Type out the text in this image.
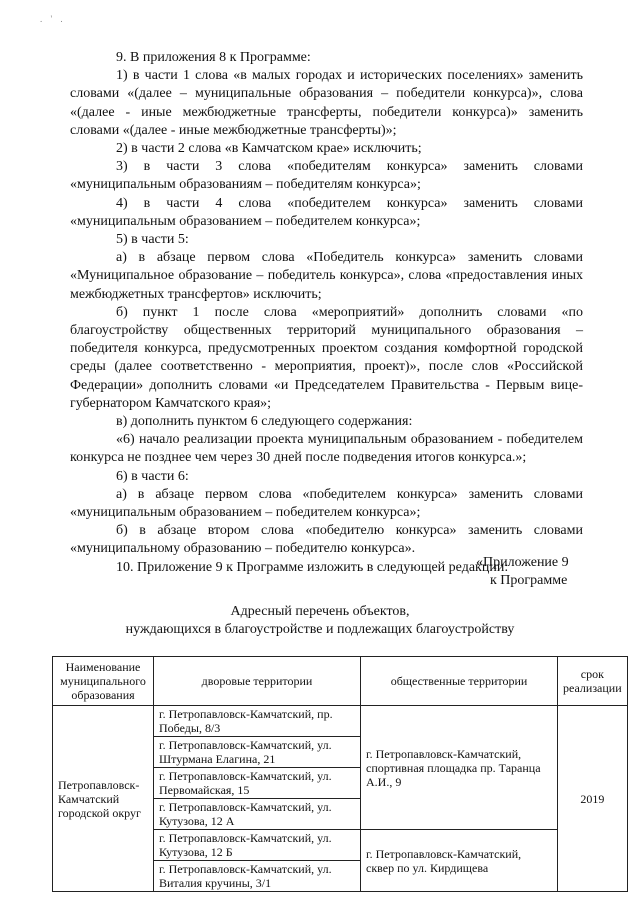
. ' .

9. В приложения 8 к Программе:

1) в части 1 слова «в малых городах и исторических поселениях» заменить словами «(далее – муниципальные образования – победители конкурса)», слова «(далее - иные межбюджетные трансферты, победители конкурса)» заменить словами «(далее - иные межбюджетные трансферты)»;

2) в части 2 слова «в Камчатском крае» исключить;

3) в части 3 слова «победителям конкурса» заменить словами «муниципальным образованиям – победителям конкурса»;

4) в части 4 слова «победителем конкурса» заменить словами «муниципальным образованием – победителем конкурса»;

5) в части 5:

а) в абзаце первом слова «Победитель конкурса» заменить словами «Муниципальное образование – победитель конкурса», слова «предоставления иных межбюджетных трансфертов» исключить;

б) пункт 1 после слова «мероприятий» дополнить словами «по благоустройству общественных территорий муниципального образования – победителя конкурса, предусмотренных проектом создания комфортной городской среды (далее соответственно - мероприятия, проект)», после слов «Российской Федерации» дополнить словами «и Председателем Правительства - Первым вице-губернатором Камчатского края»;

в) дополнить пунктом 6 следующего содержания:

«6) начало реализации проекта муниципальным образованием - победителем конкурса не позднее чем через 30 дней после подведения итогов конкурса.»;

6) в части 6:

а) в абзаце первом слова «победителем конкурса» заменить словами «муниципальным образованием – победителем конкурса»;

б) в абзаце втором слова «победителю конкурса» заменить словами «муниципальному образованию – победителю конкурса».

10. Приложение 9 к Программе изложить в следующей редакции:

«Приложение 9
к Программе
Адресный перечень объектов,
нуждающихся в благоустройстве и подлежащих благоустройству
Наименование муниципального образования	дворовые территории	общественные территории	срок реализации
Петропавловск-Камчатский городской округ	г. Петропавловск-Камчатский, пр. Победы, 8/3	г. Петропавловск-Камчатский, спортивная площадка пр. Таранца А.И., 9	2019
	г. Петропавловск-Камчатский, ул. Штурмана Елагина, 21		
	г. Петропавловск-Камчатский, ул. Первомайская, 15		
	г. Петропавловск-Камчатский, ул. Кутузова, 12 А		
	г. Петропавловск-Камчатский, ул. Кутузова, 12 Б	г. Петропавловск-Камчатский, сквер по ул. Кирдищева	
	г. Петропавловск-Камчатский, ул. Виталия кручины, 3/1		
